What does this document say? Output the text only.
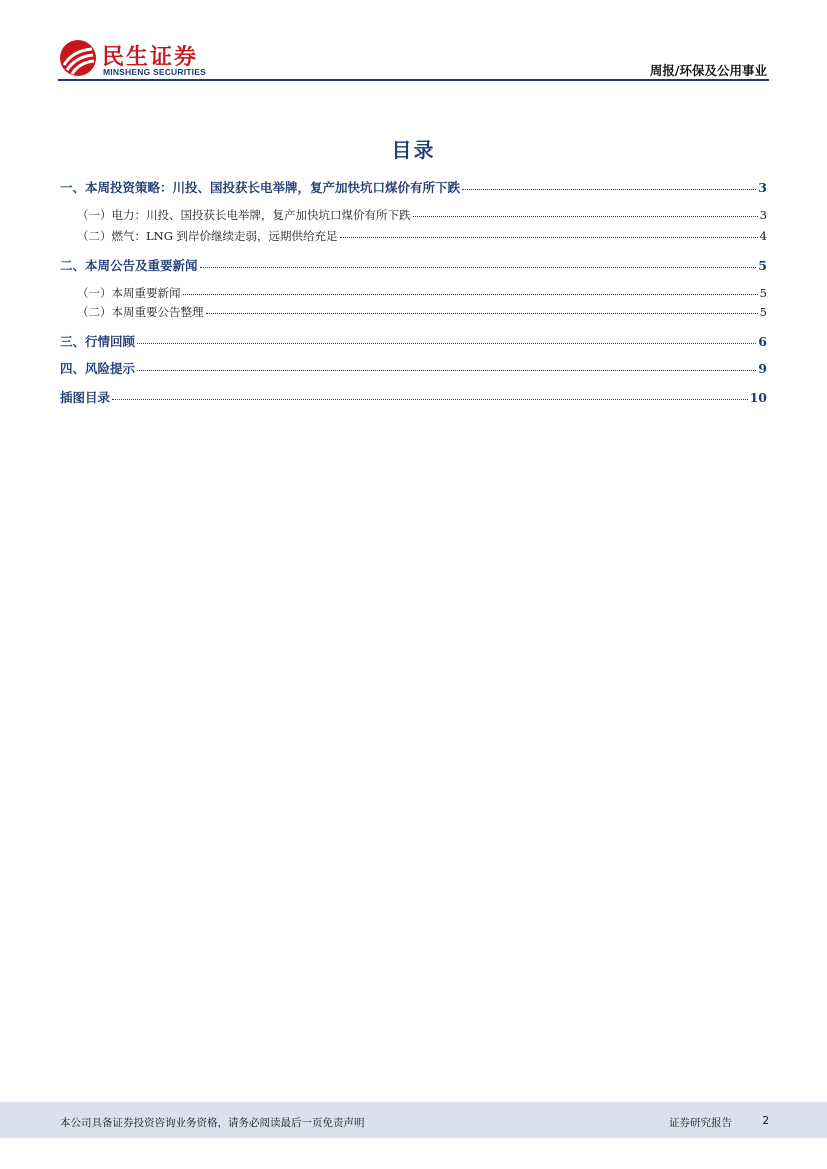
民生证券
MINSHENG SECURITIES	周报/环保及公用事业
目录
一、本周投资策略：川投、国投获长电举牌，复产加快坑口煤价有所下跌	3
（一）电力：川投、国投获长电举牌，复产加快坑口煤价有所下跌	3
（二）燃气：LNG 到岸价继续走弱，远期供给充足	4
二、本周公告及重要新闻	5
（一）本周重要新闻	5
（二）本周重要公告整理	5
三、行情回顾	6
四、风险提示	9
插图目录	10
本公司具备证券投资咨询业务资格，请务必阅读最后一页免责声明	证券研究报告	2
